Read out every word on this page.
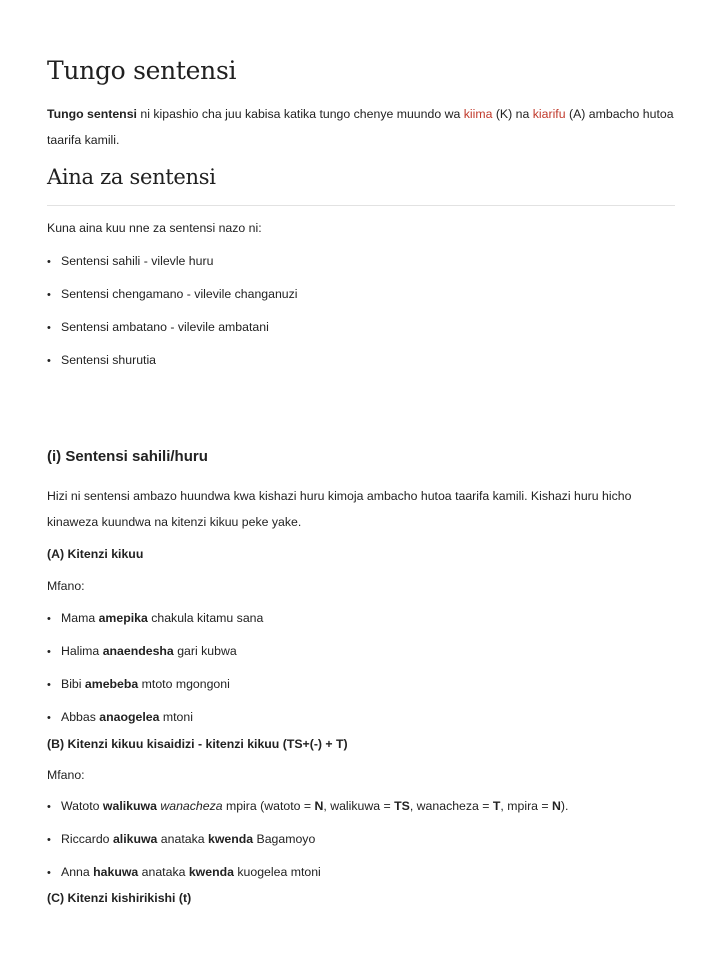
Tungo sentensi

Tungo sentensi ni kipashio cha juu kabisa katika tungo chenye muundo wa kiima (K) na kiarifu (A) ambacho hutoa taarifa kamili.

Aina za sentensi

Kuna aina kuu nne za sentensi nazo ni:

• Sentensi sahili - vilevle huru
• Sentensi chengamano - vilevile changanuzi
• Sentensi ambatano - vilevile ambatani
• Sentensi shurutia
(i) Sentensi sahili/huru

Hizi ni sentensi ambazo huundwa kwa kishazi huru kimoja ambacho hutoa taarifa kamili. Kishazi huru hicho kinaweza kuundwa na kitenzi kikuu peke yake.

(A) Kitenzi kikuu

Mfano:

• Mama amepika chakula kitamu sana
• Halima anaendesha gari kubwa
• Bibi amebeba mtoto mgongoni
• Abbas anaogelea mtoni
(B) Kitenzi kikuu kisaidizi - kitenzi kikuu (TS+(-) + T)

Mfano:

• Watoto walikuwa wanacheza mpira (watoto = N, walikuwa = TS, wanacheza = T, mpira = N).
• Riccardo alikuwa anataka kwenda Bagamoyo
• Anna hakuwa anataka kwenda kuogelea mtoni
(C) Kitenzi kishirikishi (t)
